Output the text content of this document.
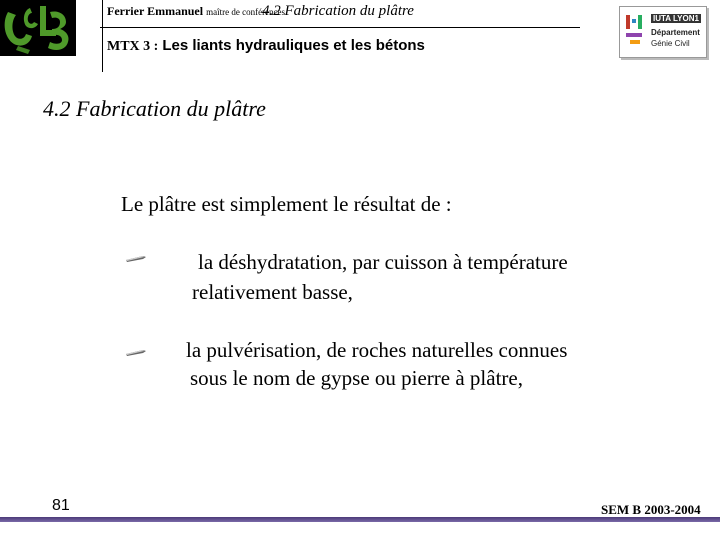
Ferrier Emmanuel maître de conférences
4.2 Fabrication du plâtre
MTX 3 : Les liants hydrauliques et les bétons
IUTA LYON1
Département
Génie Civil
4.2 Fabrication du plâtre
Le plâtre est simplement le résultat de :
la déshydratation, par cuisson à température
relativement basse,
la pulvérisation, de roches naturelles connues
sous le nom de gypse ou pierre à plâtre,
81	SEM B 2003-2004
